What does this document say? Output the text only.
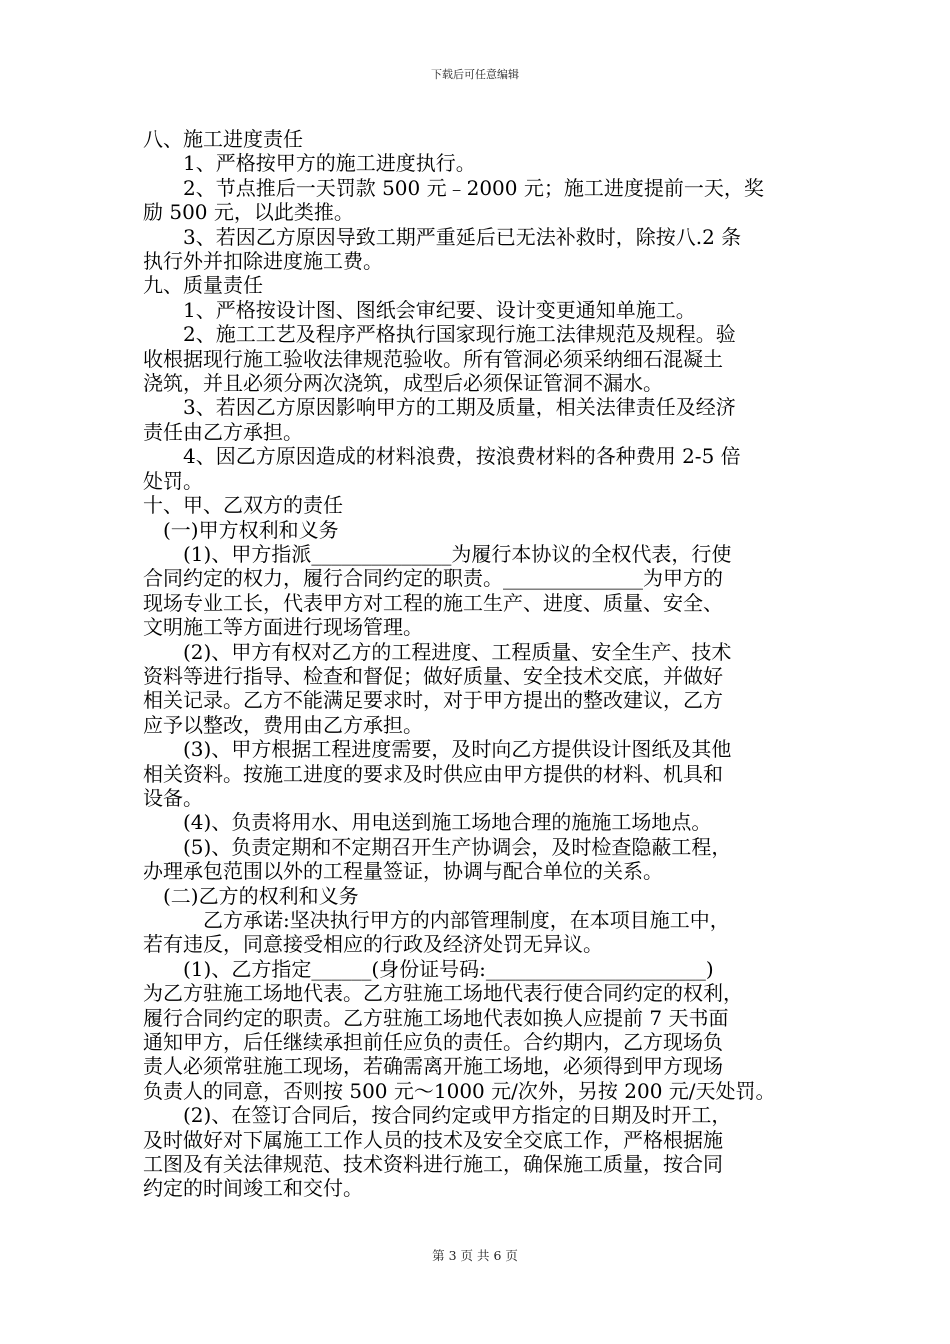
下载后可任意编辑

八、施工进度责任

　　1、严格按甲方的施工进度执行。

　　2、节点推后一天罚款 500 元﹣2000 元；施工进度提前一天，奖

励 500 元，以此类推。

　　3、若因乙方原因导致工期严重延后已无法补救时，除按八.2 条

执行外并扣除进度施工费。

九、质量责任

　　1、严格按设计图、图纸会审纪要、设计变更通知单施工。

　　2、施工工艺及程序严格执行国家现行施工法律规范及规程。验

收根据现行施工验收法律规范验收。所有管洞必须采纳细石混凝土

浇筑，并且必须分两次浇筑，成型后必须保证管洞不漏水。

　　3、若因乙方原因影响甲方的工期及质量，相关法律责任及经济

责任由乙方承担。

　　4、因乙方原因造成的材料浪费，按浪费材料的各种费用 2-5 倍

处罚。

十、甲、乙双方的责任

　(一)甲方权利和义务

　　(1)、甲方指派______________为履行本协议的全权代表，行使

合同约定的权力，履行合同约定的职责。______________为甲方的

现场专业工长，代表甲方对工程的施工生产、进度、质量、安全、

文明施工等方面进行现场管理。

　　(2)、甲方有权对乙方的工程进度、工程质量、安全生产、技术

资料等进行指导、检查和督促；做好质量、安全技术交底，并做好

相关记录。乙方不能满足要求时，对于甲方提出的整改建议，乙方

应予以整改，费用由乙方承担。

　　(3)、甲方根据工程进度需要，及时向乙方提供设计图纸及其他

相关资料。按施工进度的要求及时供应由甲方提供的材料、机具和

设备。

　　(4)、负责将用水、用电送到施工场地合理的施施工场地点。

　　(5)、负责定期和不定期召开生产协调会，及时检查隐蔽工程，

办理承包范围以外的工程量签证，协调与配合单位的关系。

　(二)乙方的权利和义务

　　　乙方承诺:坚决执行甲方的内部管理制度，在本项目施工中，

若有违反，同意接受相应的行政及经济处罚无异议。

　　(1)、乙方指定______(身份证号码:______________________)

为乙方驻施工场地代表。乙方驻施工场地代表行使合同约定的权利，

履行合同约定的职责。乙方驻施工场地代表如换人应提前 7 天书面

通知甲方，后任继续承担前任应负的责任。合约期内，乙方现场负

责人必须常驻施工现场，若确需离开施工场地，必须得到甲方现场

负责人的同意，否则按 500 元～1000 元/次外，另按 200 元/天处罚。

　　(2)、在签订合同后，按合同约定或甲方指定的日期及时开工，

及时做好对下属施工工作人员的技术及安全交底工作，严格根据施

工图及有关法律规范、技术资料进行施工，确保施工质量，按合同

约定的时间竣工和交付。

第 3 页 共 6 页
